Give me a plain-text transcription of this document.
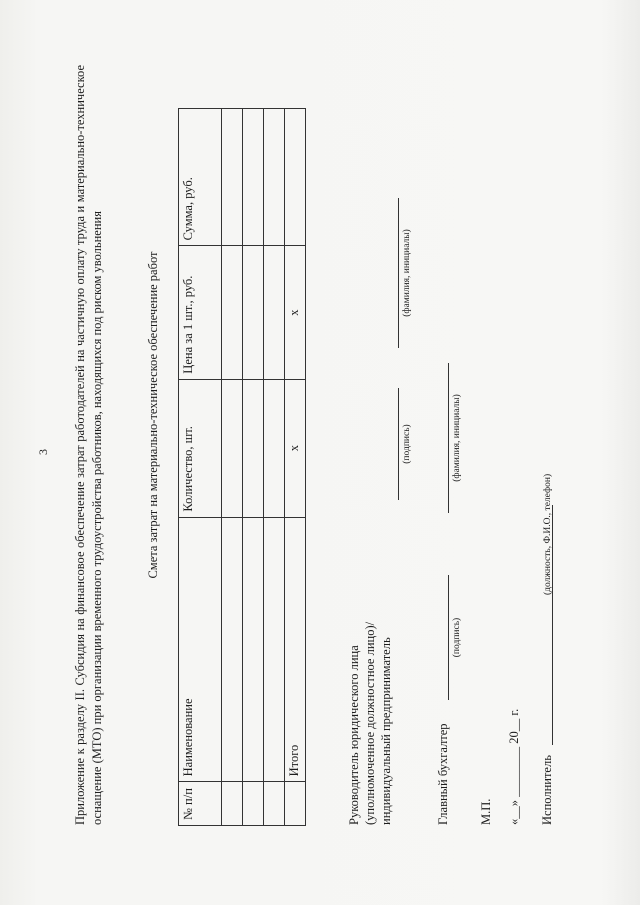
3 Приложение к разделу II. Субсидия на финансовое обеспечение затрат работодателей на частичную оплату труда и материально-техническое оснащение (МТО) при организации временного трудоустройства работников, находящихся под риском увольнения	Смета затрат на материально-техническое обеспечение работ
№ п/п	Наименование	Количество, шт.	Цена за 1 шт., руб.	Сумма, руб.

	Итого	х	х	
Руководитель юридического лица (уполномоченное должностное лицо)/ индивидуальный предприниматель
(подпись)
(фамилия, инициалы)
Главный бухгалтер
(подпись)
(фамилия, инициалы)
М.П. «__» ________ 20__ г. Исполнитель
(должность, Ф.И.О., телефон)
